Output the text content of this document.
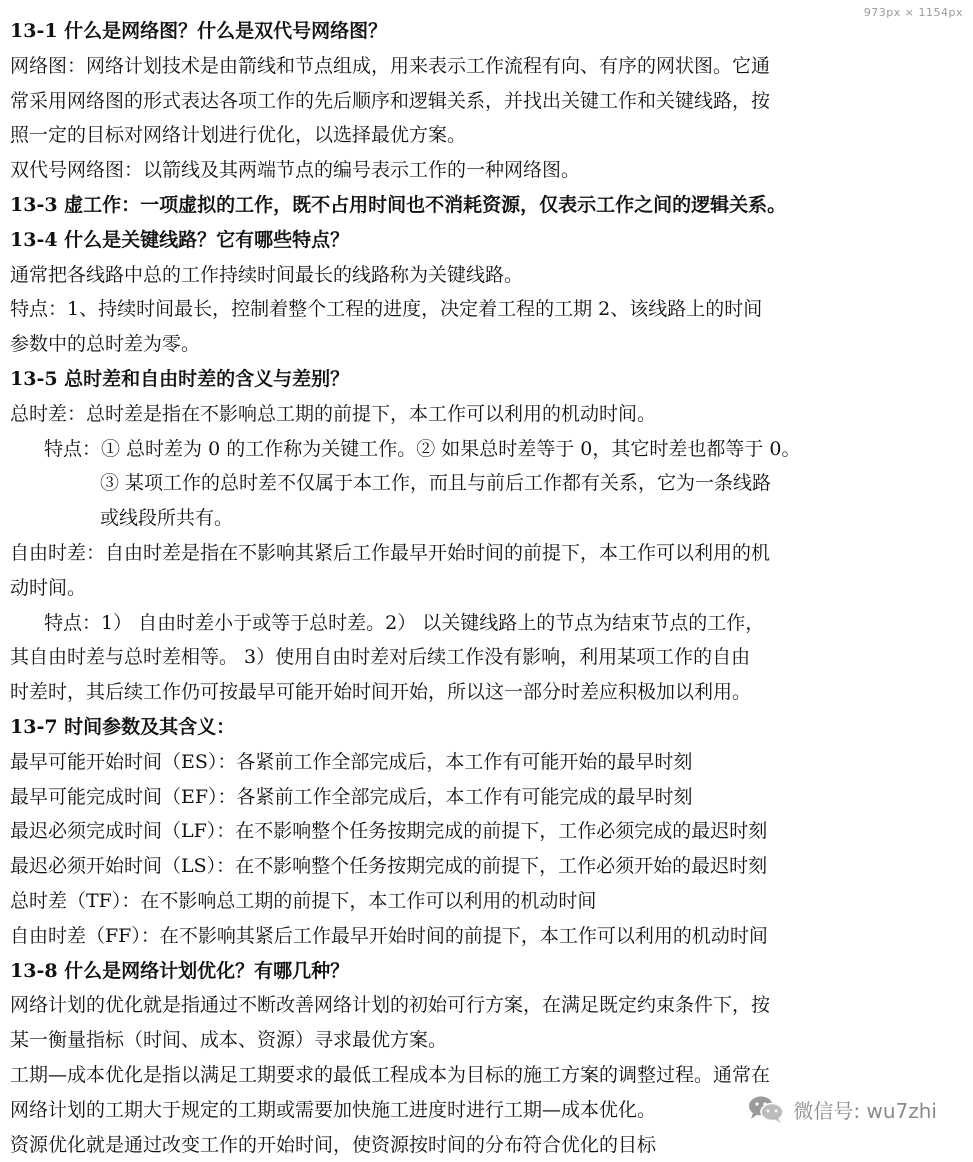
973px × 1154px
13-1 什么是网络图？什么是双代号网络图？
网络图：网络计划技术是由箭线和节点组成，用来表示工作流程有向、有序的网状图。它通
常采用网络图的形式表达各项工作的先后顺序和逻辑关系，并找出关键工作和关键线路，按
照一定的目标对网络计划进行优化，以选择最优方案。
双代号网络图：以箭线及其两端节点的编号表示工作的一种网络图。
13-3 虚工作：一项虚拟的工作，既不占用时间也不消耗资源，仅表示工作之间的逻辑关系。
13-4 什么是关键线路？它有哪些特点？
通常把各线路中总的工作持续时间最长的线路称为关键线路。
特点：1、持续时间最长，控制着整个工程的进度，决定着工程的工期 2、该线路上的时间
参数中的总时差为零。
13-5 总时差和自由时差的含义与差别？
总时差：总时差是指在不影响总工期的前提下，本工作可以利用的机动时间。
特点：① 总时差为 0 的工作称为关键工作。② 如果总时差等于 0，其它时差也都等于 0。
③ 某项工作的总时差不仅属于本工作，而且与前后工作都有关系，它为一条线路
或线段所共有。
自由时差：自由时差是指在不影响其紧后工作最早开始时间的前提下，本工作可以利用的机
动时间。
特点：1） 自由时差小于或等于总时差。2） 以关键线路上的节点为结束节点的工作，
其自由时差与总时差相等。 3）使用自由时差对后续工作没有影响，利用某项工作的自由
时差时，其后续工作仍可按最早可能开始时间开始，所以这一部分时差应积极加以利用。
13-7 时间参数及其含义：
最早可能开始时间（ES）：各紧前工作全部完成后，本工作有可能开始的最早时刻
最早可能完成时间（EF）：各紧前工作全部完成后，本工作有可能完成的最早时刻
最迟必须完成时间（LF）：在不影响整个任务按期完成的前提下，工作必须完成的最迟时刻
最迟必须开始时间（LS）：在不影响整个任务按期完成的前提下，工作必须开始的最迟时刻
总时差（TF）：在不影响总工期的前提下，本工作可以利用的机动时间
自由时差（FF）：在不影响其紧后工作最早开始时间的前提下，本工作可以利用的机动时间
13-8 什么是网络计划优化？有哪几种？
网络计划的优化就是指通过不断改善网络计划的初始可行方案，在满足既定约束条件下，按
某一衡量指标（时间、成本、资源）寻求最优方案。
工期—成本优化是指以满足工期要求的最低工程成本为目标的施工方案的调整过程。通常在
网络计划的工期大于规定的工期或需要加快施工进度时进行工期—成本优化。
资源优化就是通过改变工作的开始时间，使资源按时间的分布符合优化的目标
微信号: wu7zhi
